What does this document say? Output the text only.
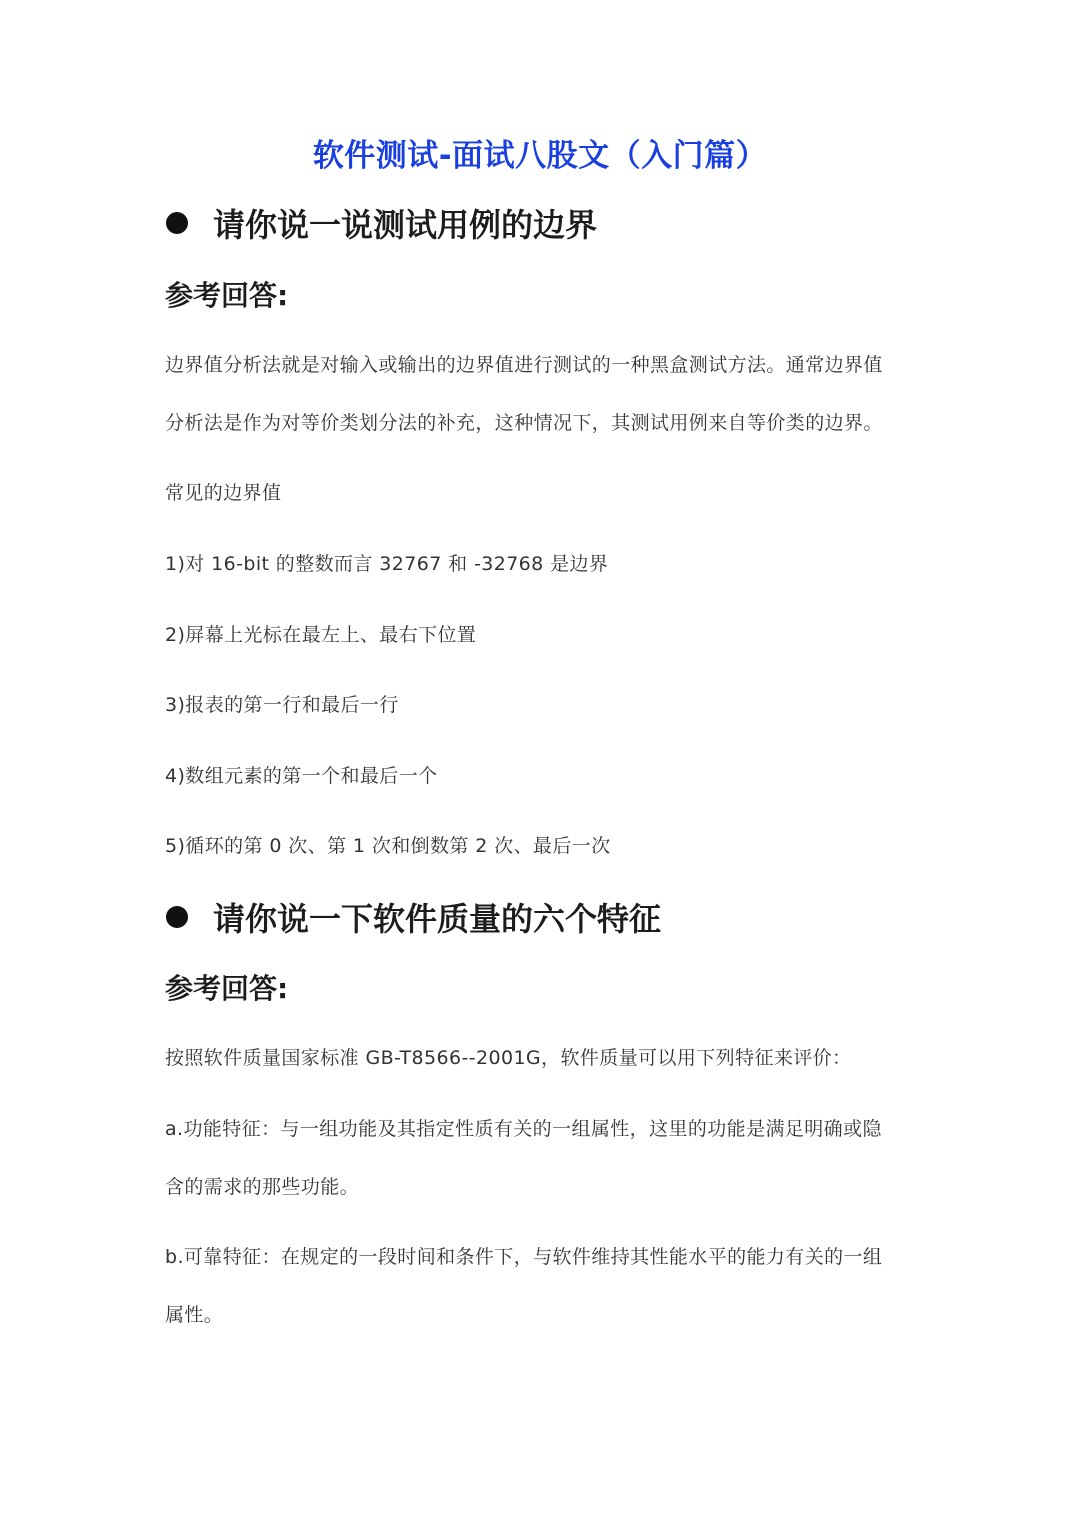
软件测试-面试八股文（入门篇）
请你说一说测试用例的边界
参考回答:
边界值分析法就是对输入或输出的边界值进行测试的一种黑盒测试方法。通常边界值
分析法是作为对等价类划分法的补充，这种情况下，其测试用例来自等价类的边界。
常见的边界值
1)对 16-bit 的整数而言 32767 和 -32768 是边界
2)屏幕上光标在最左上、最右下位置
3)报表的第一行和最后一行
4)数组元素的第一个和最后一个
5)循环的第 0 次、第 1 次和倒数第 2 次、最后一次
请你说一下软件质量的六个特征
参考回答:
按照软件质量国家标准 GB-T8566--2001G，软件质量可以用下列特征来评价：
a.功能特征：与一组功能及其指定性质有关的一组属性，这里的功能是满足明确或隐
含的需求的那些功能。
b.可靠特征：在规定的一段时间和条件下，与软件维持其性能水平的能力有关的一组
属性。
